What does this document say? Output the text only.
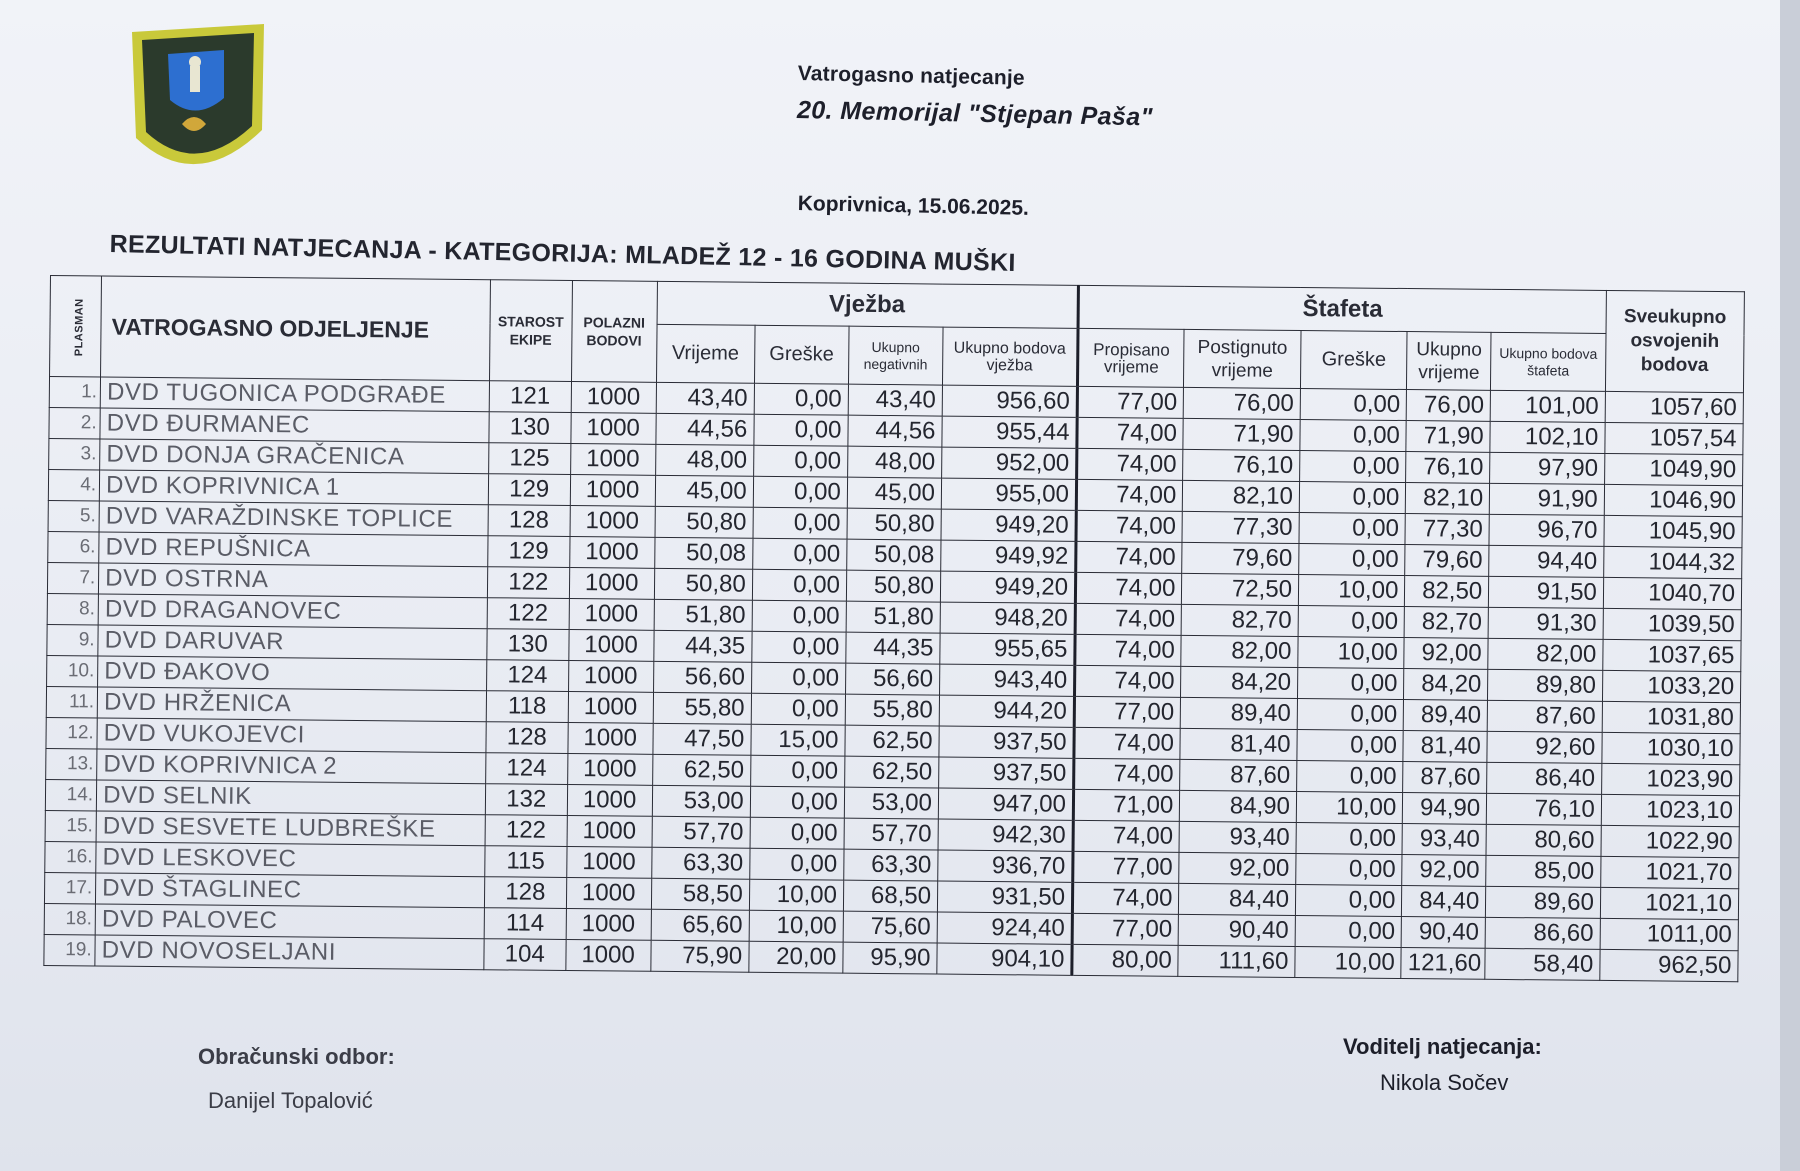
Vatrogasno natjecanje
20. Memorijal "Stjepan Paša"
Koprivnica, 15.06.2025.
REZULTATI NATJECANJA - KATEGORIJA: MLADEŽ 12 - 16 GODINA MUŠKI
PLASMAN	VATROGASNO ODJELJENJE	STAROST EKIPE	POLAZNI BODOVI	Vježba				Štafeta					Sveukupno osvojenih bodova
				Vrijeme	Greške	Ukupno negativnih	Ukupno bodova vježba	Propisano vrijeme	Postignuto vrijeme	Greške	Ukupno vrijeme	Ukupno bodova štafeta	
1.	DVD TUGONICA PODGRAĐE	121	1000	43,40	0,00	43,40	956,60	77,00	76,00	0,00	76,00	101,00	1057,60
2.	DVD ĐURMANEC	130	1000	44,56	0,00	44,56	955,44	74,00	71,90	0,00	71,90	102,10	1057,54
3.	DVD DONJA GRAČENICA	125	1000	48,00	0,00	48,00	952,00	74,00	76,10	0,00	76,10	97,90	1049,90
4.	DVD KOPRIVNICA 1	129	1000	45,00	0,00	45,00	955,00	74,00	82,10	0,00	82,10	91,90	1046,90
5.	DVD VARAŽDINSKE TOPLICE	128	1000	50,80	0,00	50,80	949,20	74,00	77,30	0,00	77,30	96,70	1045,90
6.	DVD REPUŠNICA	129	1000	50,08	0,00	50,08	949,92	74,00	79,60	0,00	79,60	94,40	1044,32
7.	DVD OSTRNA	122	1000	50,80	0,00	50,80	949,20	74,00	72,50	10,00	82,50	91,50	1040,70
8.	DVD DRAGANOVEC	122	1000	51,80	0,00	51,80	948,20	74,00	82,70	0,00	82,70	91,30	1039,50
9.	DVD DARUVAR	130	1000	44,35	0,00	44,35	955,65	74,00	82,00	10,00	92,00	82,00	1037,65
10.	DVD ĐAKOVO	124	1000	56,60	0,00	56,60	943,40	74,00	84,20	0,00	84,20	89,80	1033,20
11.	DVD HRŽENICA	118	1000	55,80	0,00	55,80	944,20	77,00	89,40	0,00	89,40	87,60	1031,80
12.	DVD VUKOJEVCI	128	1000	47,50	15,00	62,50	937,50	74,00	81,40	0,00	81,40	92,60	1030,10
13.	DVD KOPRIVNICA 2	124	1000	62,50	0,00	62,50	937,50	74,00	87,60	0,00	87,60	86,40	1023,90
14.	DVD SELNIK	132	1000	53,00	0,00	53,00	947,00	71,00	84,90	10,00	94,90	76,10	1023,10
15.	DVD SESVETE LUDBREŠKE	122	1000	57,70	0,00	57,70	942,30	74,00	93,40	0,00	93,40	80,60	1022,90
16.	DVD LESKOVEC	115	1000	63,30	0,00	63,30	936,70	77,00	92,00	0,00	92,00	85,00	1021,70
17.	DVD ŠTAGLINEC	128	1000	58,50	10,00	68,50	931,50	74,00	84,40	0,00	84,40	89,60	1021,10
18.	DVD PALOVEC	114	1000	65,60	10,00	75,60	924,40	77,00	90,40	0,00	90,40	86,60	1011,00
19.	DVD NOVOSELJANI	104	1000	75,90	20,00	95,90	904,10	80,00	111,60	10,00	121,60	58,40	962,50
Obračunski odbor:
Danijel Topalović
Voditelj natjecanja:
Nikola Sočev
